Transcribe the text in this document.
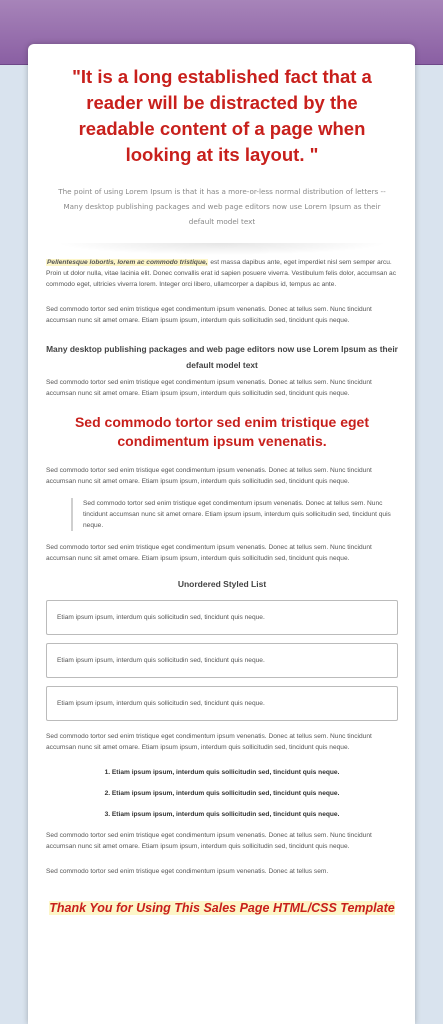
"It is a long established fact that a reader will be distracted by the readable content of a page when looking at its layout. "

The point of using Lorem Ipsum is that it has a more-or-less normal distribution of letters -- Many desktop publishing packages and web page editors now use Lorem Ipsum as their default model text

Pellentesque lobortis, lorem ac commodo tristique, est massa dapibus ante, eget imperdiet nisl sem semper arcu. Proin ut dolor nulla, vitae lacinia elit. Donec convallis erat id sapien posuere viverra. Vestibulum felis dolor, accumsan ac commodo eget, ultricies viverra lorem. Integer orci libero, ullamcorper a dapibus id, tempus ac ante.

Sed commodo tortor sed enim tristique eget condimentum ipsum venenatis. Donec at tellus sem. Nunc tincidunt accumsan nunc sit amet ornare. Etiam ipsum ipsum, interdum quis sollicitudin sed, tincidunt quis neque.

Many desktop publishing packages and web page editors now use Lorem Ipsum as their default model text

Sed commodo tortor sed enim tristique eget condimentum ipsum venenatis. Donec at tellus sem. Nunc tincidunt accumsan nunc sit amet ornare. Etiam ipsum ipsum, interdum quis sollicitudin sed, tincidunt quis neque.

Sed commodo tortor sed enim tristique eget condimentum ipsum venenatis.

Sed commodo tortor sed enim tristique eget condimentum ipsum venenatis. Donec at tellus sem. Nunc tincidunt accumsan nunc sit amet ornare. Etiam ipsum ipsum, interdum quis sollicitudin sed, tincidunt quis neque.

Sed commodo tortor sed enim tristique eget condimentum ipsum venenatis. Donec at tellus sem. Nunc tincidunt accumsan nunc sit amet ornare. Etiam ipsum ipsum, interdum quis sollicitudin sed, tincidunt quis neque.

Sed commodo tortor sed enim tristique eget condimentum ipsum venenatis. Donec at tellus sem. Nunc tincidunt accumsan nunc sit amet ornare. Etiam ipsum ipsum, interdum quis sollicitudin sed, tincidunt quis neque.

Unordered Styled List
Etiam ipsum ipsum, interdum quis sollicitudin sed, tincidunt quis neque.
Etiam ipsum ipsum, interdum quis sollicitudin sed, tincidunt quis neque.
Etiam ipsum ipsum, interdum quis sollicitudin sed, tincidunt quis neque.

Sed commodo tortor sed enim tristique eget condimentum ipsum venenatis. Donec at tellus sem. Nunc tincidunt accumsan nunc sit amet ornare. Etiam ipsum ipsum, interdum quis sollicitudin sed, tincidunt quis neque.

1. Etiam ipsum ipsum, interdum quis sollicitudin sed, tincidunt quis neque.
2. Etiam ipsum ipsum, interdum quis sollicitudin sed, tincidunt quis neque.
3. Etiam ipsum ipsum, interdum quis sollicitudin sed, tincidunt quis neque.

Sed commodo tortor sed enim tristique eget condimentum ipsum venenatis. Donec at tellus sem. Nunc tincidunt accumsan nunc sit amet ornare. Etiam ipsum ipsum, interdum quis sollicitudin sed, tincidunt quis neque.

Sed commodo tortor sed enim tristique eget condimentum ipsum venenatis. Donec at tellus sem.

Thank You for Using This Sales Page HTML/CSS Template
